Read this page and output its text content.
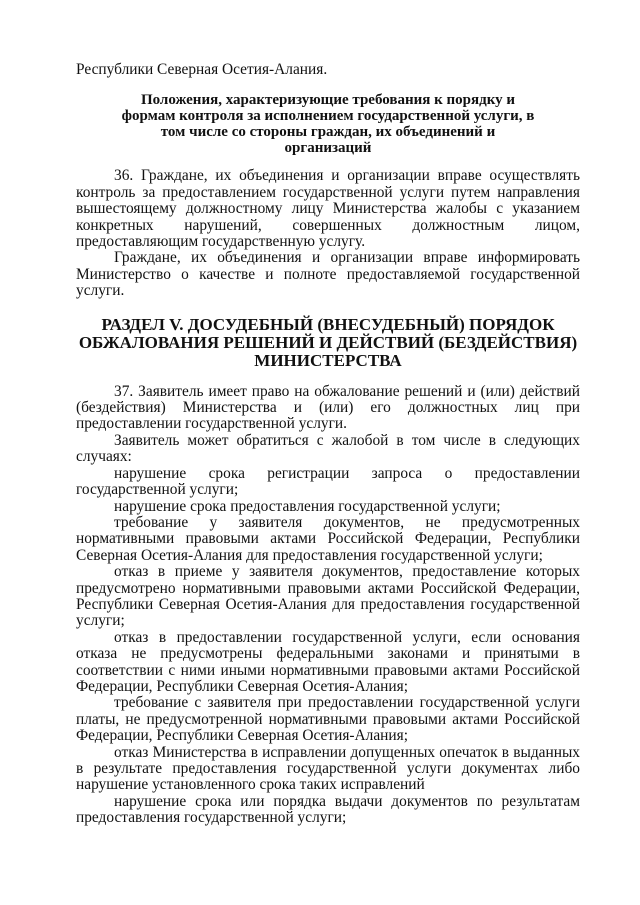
Республики Северная Осетия-Алания.

Положения, характеризующие требования к порядку и формам контроля за исполнением государственной услуги, в том числе со стороны граждан, их объединений и организаций

36. Граждане, их объединения и организации вправе осуществлять контроль за предоставлением государственной услуги путем направления вышестоящему должностному лицу Министерства жалобы с указанием конкретных нарушений, совершенных должностным лицом, предоставляющим государственную услугу.

Граждане, их объединения и организации вправе информировать Министерство о качестве и полноте предоставляемой государственной услуги.

РАЗДЕЛ V. ДОСУДЕБНЫЙ (ВНЕСУДЕБНЫЙ) ПОРЯДОК ОБЖАЛОВАНИЯ РЕШЕНИЙ И ДЕЙСТВИЙ (БЕЗДЕЙСТВИЯ) МИНИСТЕРСТВА

37. Заявитель имеет право на обжалование решений и (или) действий (бездействия) Министерства и (или) его должностных лиц при предоставлении государственной услуги.

Заявитель может обратиться с жалобой в том числе в следующих случаях:

нарушение срока регистрации запроса о предоставлении государственной услуги;

нарушение срока предоставления государственной услуги;

требование у заявителя документов, не предусмотренных нормативными правовыми актами Российской Федерации, Республики Северная Осетия-Алания для предоставления государственной услуги;

отказ в приеме у заявителя документов, предоставление которых предусмотрено нормативными правовыми актами Российской Федерации, Республики Северная Осетия-Алания для предоставления государственной услуги;

отказ в предоставлении государственной услуги, если основания отказа не предусмотрены федеральными законами и принятыми в соответствии с ними иными нормативными правовыми актами Российской Федерации, Республики Северная Осетия-Алания;

требование с заявителя при предоставлении государственной услуги платы, не предусмотренной нормативными правовыми актами Российской Федерации, Республики Северная Осетия-Алания;

отказ Министерства в исправлении допущенных опечаток в выданных в результате предоставления государственной услуги документах либо нарушение установленного срока таких исправлений

нарушение срока или порядка выдачи документов по результатам предоставления государственной услуги;
